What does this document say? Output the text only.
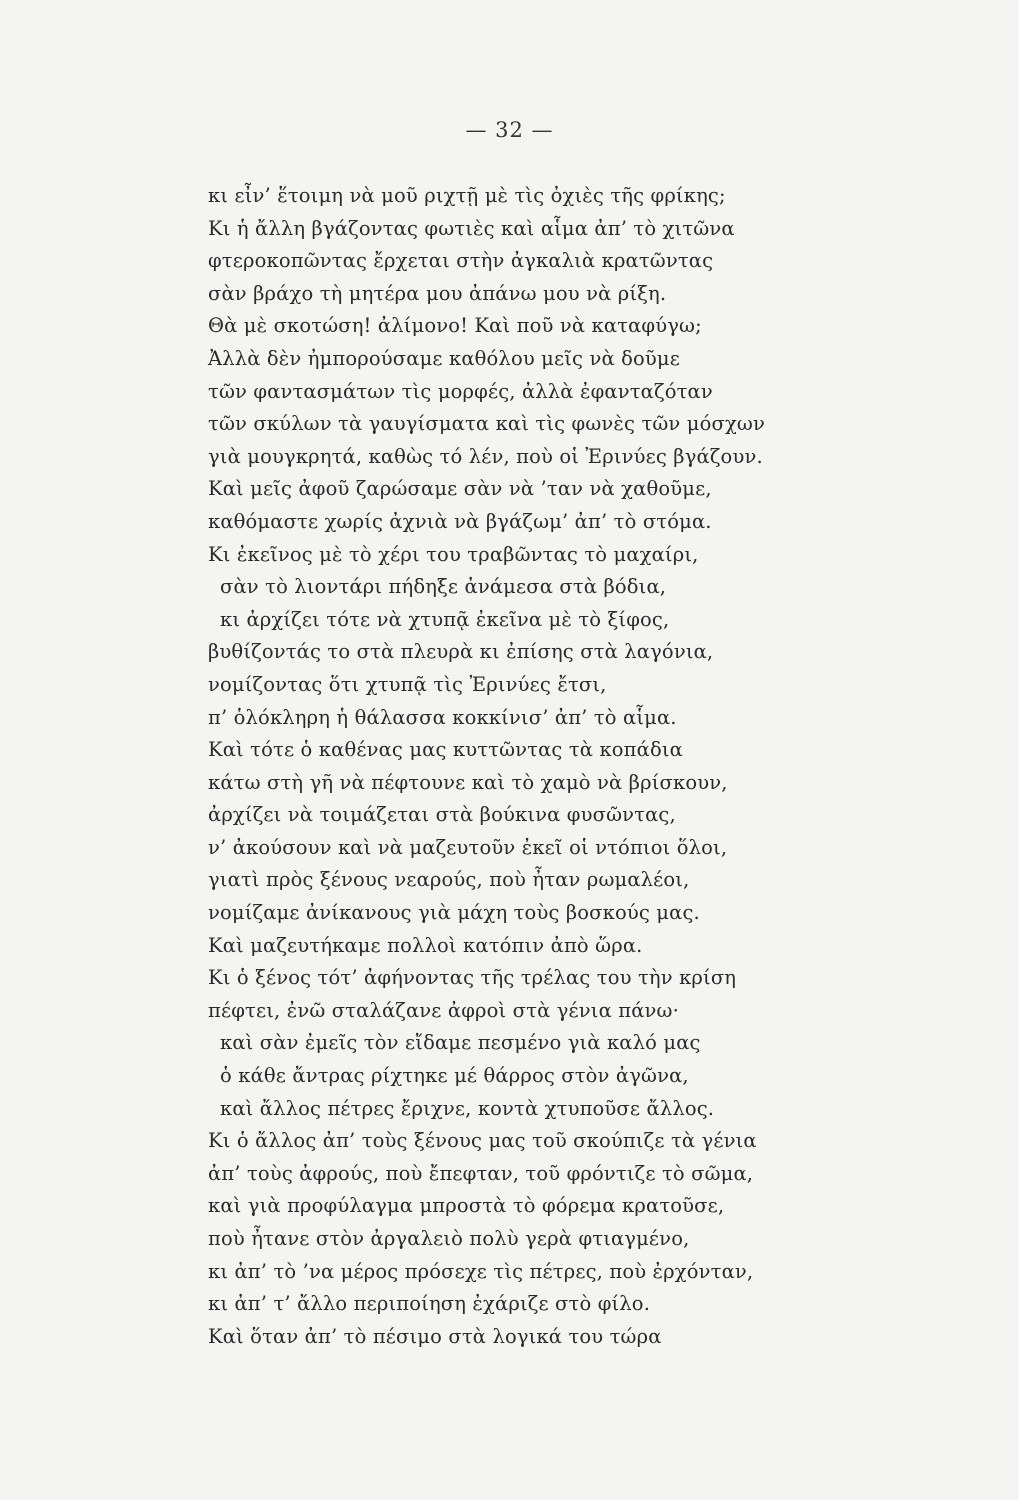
— 32 —
κι εἶν’ ἕτοιμη νὰ μοῦ ριχτῇ μὲ τὶς ὀχιὲς τῆς φρίκης;
Κι ἡ ἄλλη βγάζοντας φωτιὲς καὶ αἷμα ἀπ’ τὸ χιτῶνα
φτεροκοπῶντας ἔρχεται στὴν ἀγκαλιὰ κρατῶντας
σὰν βράχο τὴ μητέρα μου ἀπάνω μου νὰ ρίξη.
Θὰ μὲ σκοτώση! ἀλίμονο! Καὶ ποῦ νὰ καταφύγω;
Ἀλλὰ δὲν ἠμπορούσαμε καθόλου μεῖς νὰ δοῦμε
τῶν φαντασμάτων τὶς μορφές, ἀλλὰ ἐφανταζόταν
τῶν σκύλων τὰ γαυγίσματα καὶ τὶς φωνὲς τῶν μόσχων
γιὰ μουγκρητά, καθὼς τό λέν, ποὺ οἱ Ἐρινύες βγάζουν.
Καὶ μεῖς ἀφοῦ ζαρώσαμε σὰν νὰ ’ταν νὰ χαθοῦμε,
καθόμαστε χωρίς ἀχνιὰ νὰ βγάζωμ’ ἀπ’ τὸ στόμα.
Κι ἐκεῖνος μὲ τὸ χέρι του τραβῶντας τὸ μαχαίρι,
σὰν τὸ λιοντάρι πήδηξε ἀνάμεσα στὰ βόδια,
κι ἀρχίζει τότε νὰ χτυπᾷ ἐκεῖνα μὲ τὸ ξίφος,
βυθίζοντάς το στὰ πλευρὰ κι ἐπίσης στὰ λαγόνια,
νομίζοντας ὅτι χτυπᾷ τὶς Ἐρινύες ἔτσι,
π’ ὁλόκληρη ἡ θάλασσα κοκκίνισ’ ἀπ’ τὸ αἷμα.
Καὶ τότε ὁ καθένας μας κυττῶντας τὰ κοπάδια
κάτω στὴ γῆ νὰ πέφτουνε καὶ τὸ χαμὸ νὰ βρίσκουν,
ἀρχίζει νὰ τοιμάζεται στὰ βούκινα φυσῶντας,
ν’ ἀκούσουν καὶ νὰ μαζευτοῦν ἐκεῖ οἱ ντόπιοι ὅλοι,
γιατὶ πρὸς ξένους νεαρούς, ποὺ ἦταν ρωμαλέοι,
νομίζαμε ἀνίκανους γιὰ μάχη τοὺς βοσκούς μας.
Καὶ μαζευτήκαμε πολλοὶ κατόπιν ἀπὸ ὥρα.
Κι ὁ ξένος τότ’ ἀφήνοντας τῆς τρέλας του τὴν κρίση
πέφτει, ἐνῶ σταλάζανε ἀφροὶ στὰ γένια πάνω·
καὶ σὰν ἐμεῖς τὸν εἴδαμε πεσμένο γιὰ καλό μας
ὁ κάθε ἄντρας ρίχτηκε μέ θάρρος στὸν ἀγῶνα,
καὶ ἄλλος πέτρες ἔριχνε, κοντὰ χτυποῦσε ἄλλος.
Κι ὁ ἄλλος ἀπ’ τοὺς ξένους μας τοῦ σκούπιζε τὰ γένια
ἀπ’ τοὺς ἀφρούς, ποὺ ἔπεφταν, τοῦ φρόντιζε τὸ σῶμα,
καὶ γιὰ προφύλαγμα μπροστὰ τὸ φόρεμα κρατοῦσε,
ποὺ ἦτανε στὸν ἀργαλειὸ πολὺ γερὰ φτιαγμένο,
κι ἀπ’ τὸ ’να μέρος πρόσεχε τὶς πέτρες, ποὺ ἐρχόνταν,
κι ἀπ’ τ’ ἄλλο περιποίηση ἐχάριζε στὸ φίλο.
Καὶ ὅταν ἀπ’ τὸ πέσιμο στὰ λογικά του τώρα
